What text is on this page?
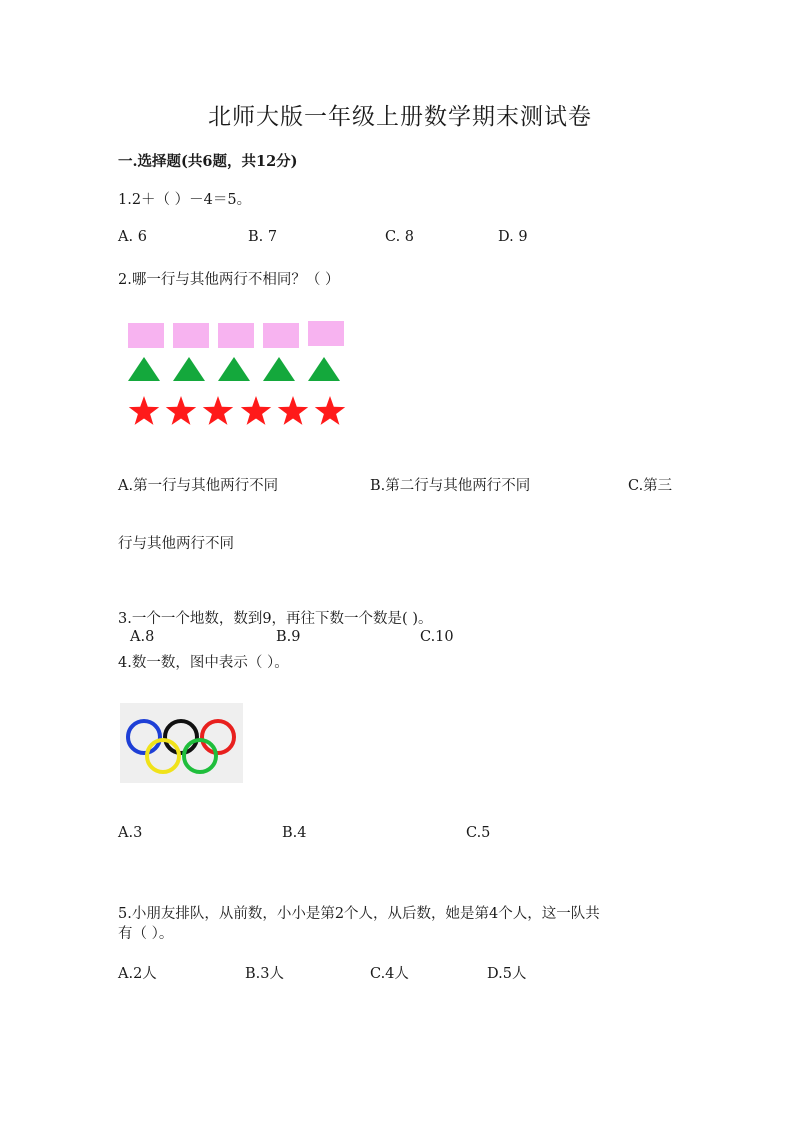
北师大版一年级上册数学期末测试卷
一.选择题(共6题，共12分)
1.2＋（ ）－4＝5。
A. 6	B. 7	C. 8	D. 9
2.哪一行与其他两行不相同？（ ）
A.第一行与其他两行不同	B.第二行与其他两行不同	C.第三
行与其他两行不同
3.一个一个地数，数到9，再往下数一个数是( )。
A.8	B.9	C.10
4.数一数，图中表示（ ）。
A.3	B.4	C.5
5.小朋友排队，从前数，小小是第2个人，从后数，她是第4个人，这一队共
有（ ）。
A.2人	B.3人	C.4人	D.5人
